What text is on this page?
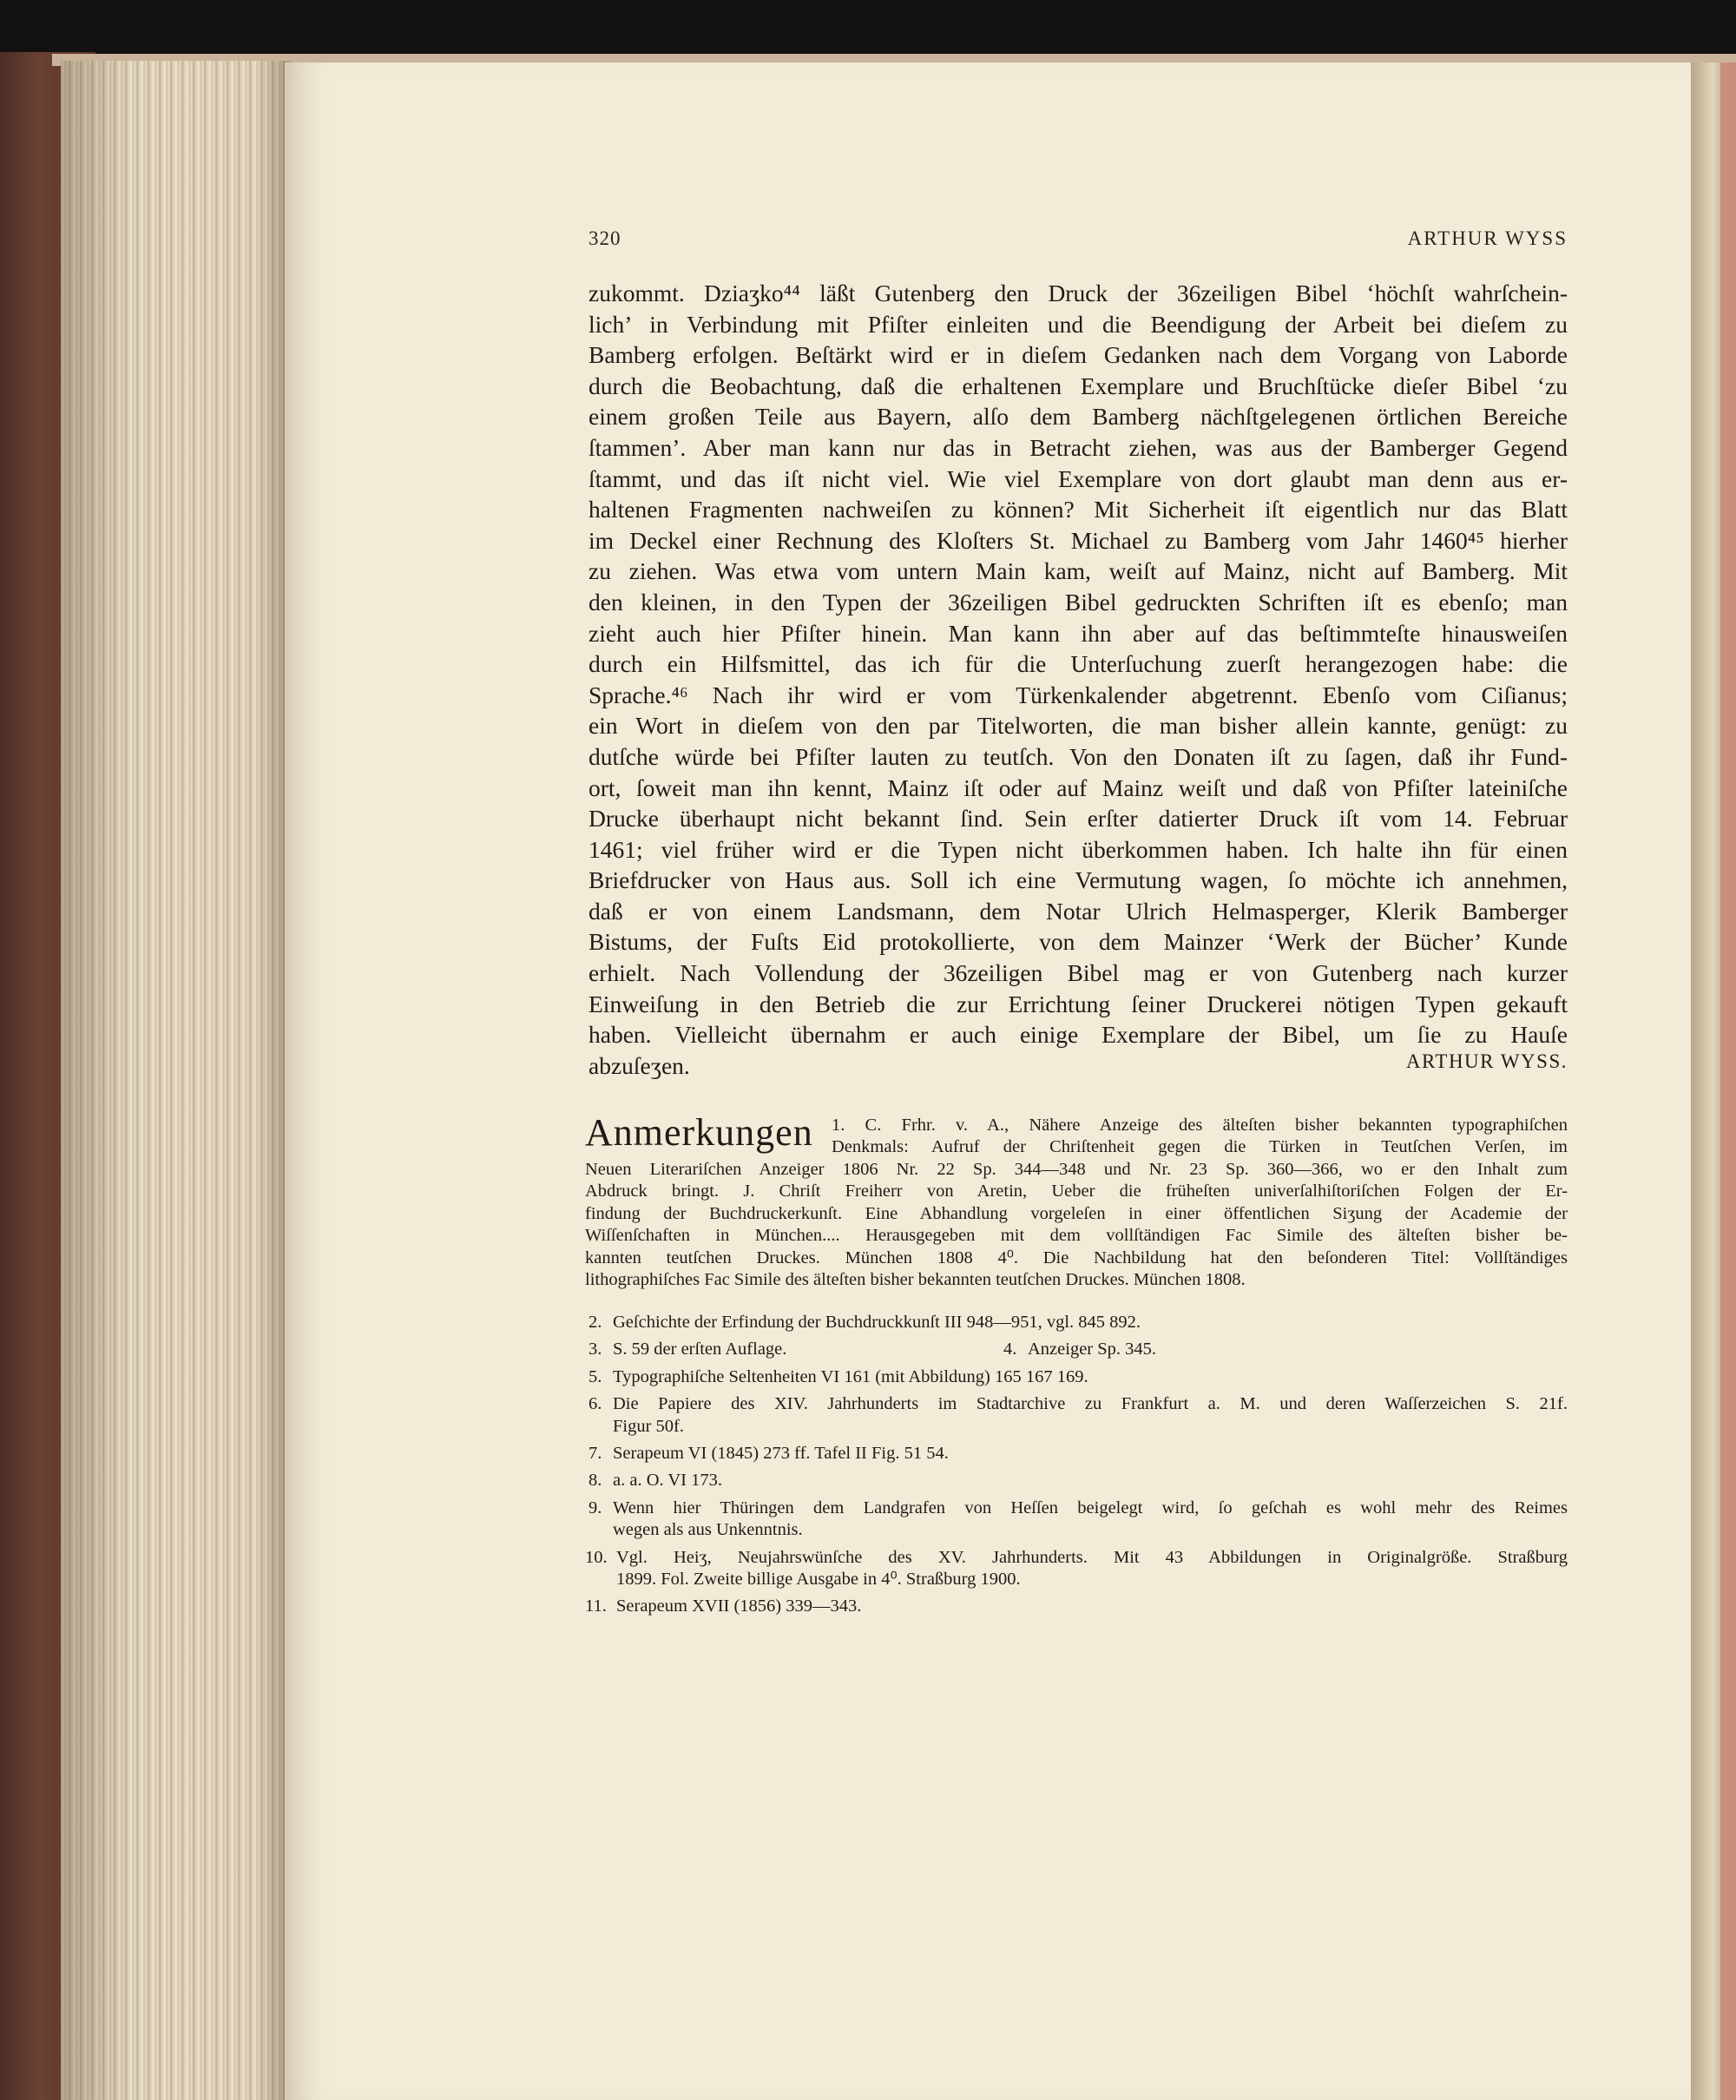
320	ARTHUR WYSS
zukommt. Dziaʒko⁴⁴ läßt Gutenberg den Druck der 36zeiligen Bibel ‘höchſt wahrſchein-
lich’ in Verbindung mit Pfiſter einleiten und die Beendigung der Arbeit bei dieſem zu
Bamberg erfolgen. Beſtärkt wird er in dieſem Gedanken nach dem Vorgang von Laborde
durch die Beobachtung, daß die erhaltenen Exemplare und Bruchſtücke dieſer Bibel ‘zu
einem großen Teile aus Bayern, alſo dem Bamberg nächſtgelegenen örtlichen Bereiche
ſtammen’. Aber man kann nur das in Betracht ziehen, was aus der Bamberger Gegend
ſtammt, und das iſt nicht viel. Wie viel Exemplare von dort glaubt man denn aus er-
haltenen Fragmenten nachweiſen zu können? Mit Sicherheit iſt eigentlich nur das Blatt
im Deckel einer Rechnung des Kloſters St. Michael zu Bamberg vom Jahr 1460⁴⁵ hierher
zu ziehen. Was etwa vom untern Main kam, weiſt auf Mainz, nicht auf Bamberg. Mit
den kleinen, in den Typen der 36zeiligen Bibel gedruckten Schriften iſt es ebenſo; man
zieht auch hier Pfiſter hinein. Man kann ihn aber auf das beſtimmteſte hinausweiſen
durch ein Hilfsmittel, das ich für die Unterſuchung zuerſt herangezogen habe: die
Sprache.⁴⁶ Nach ihr wird er vom Türkenkalender abgetrennt. Ebenſo vom Ciſianus;
ein Wort in dieſem von den par Titelworten, die man bisher allein kannte, genügt: zu
dutſche würde bei Pfiſter lauten zu teutſch. Von den Donaten iſt zu ſagen, daß ihr Fund-
ort, ſoweit man ihn kennt, Mainz iſt oder auf Mainz weiſt und daß von Pfiſter lateiniſche
Drucke überhaupt nicht bekannt ſind. Sein erſter datierter Druck iſt vom 14. Februar
1461; viel früher wird er die Typen nicht überkommen haben. Ich halte ihn für einen
Briefdrucker von Haus aus. Soll ich eine Vermutung wagen, ſo möchte ich annehmen,
daß er von einem Landsmann, dem Notar Ulrich Helmasperger, Klerik Bamberger
Bistums, der Fuſts Eid protokollierte, von dem Mainzer ‘Werk der Bücher’ Kunde
erhielt. Nach Vollendung der 36zeiligen Bibel mag er von Gutenberg nach kurzer
Einweiſung in den Betrieb die zur Errichtung ſeiner Druckerei nötigen Typen gekauft
haben. Vielleicht übernahm er auch einige Exemplare der Bibel, um ſie zu Hauſe
abzuſeʒen.	ARTHUR WYSS.
Anmerkungen 1. C. Frhr. v. A., Nähere Anzeige des älteſten bisher bekannten typographiſchen
Denkmals: Aufruf der Chriſtenheit gegen die Türken in Teutſchen Verſen, im
Neuen Literariſchen Anzeiger 1806 Nr. 22 Sp. 344—348 und Nr. 23 Sp. 360—366, wo er den Inhalt zum
Abdruck bringt. J. Chriſt Freiherr von Aretin, Ueber die früheſten univerſalhiſtoriſchen Folgen der Er-
findung der Buchdruckerkunſt. Eine Abhandlung vorgeleſen in einer öffentlichen Siʒung der Academie der
Wiſſenſchaften in München.... Herausgegeben mit dem vollſtändigen Fac Simile des älteſten bisher be-
kannten teutſchen Druckes. München 1808 4⁰. Die Nachbildung hat den beſonderen Titel: Vollſtändiges
lithographiſches Fac Simile des älteſten bisher bekannten teutſchen Druckes. München 1808.
2. Geſchichte der Erfindung der Buchdruckkunſt III 948—951, vgl. 845 892.
3. S. 59 der erſten Auflage.	4. Anzeiger Sp. 345.
5. Typographiſche Seltenheiten VI 161 (mit Abbildung) 165 167 169.
6. Die Papiere des XIV. Jahrhunderts im Stadtarchive zu Frankfurt a. M. und deren Waſſerzeichen S. 21f.
Figur 50f.
7. Serapeum VI (1845) 273 ff. Tafel II Fig. 51 54.
8. a. a. O. VI 173.
9. Wenn hier Thüringen dem Landgrafen von Heſſen beigelegt wird, ſo geſchah es wohl mehr des Reimes
wegen als aus Unkenntnis.
10. Vgl. Heiʒ, Neujahrswünſche des XV. Jahrhunderts. Mit 43 Abbildungen in Originalgröße. Straßburg
1899. Fol. Zweite billige Ausgabe in 4⁰. Straßburg 1900.
11. Serapeum XVII (1856) 339—343.
